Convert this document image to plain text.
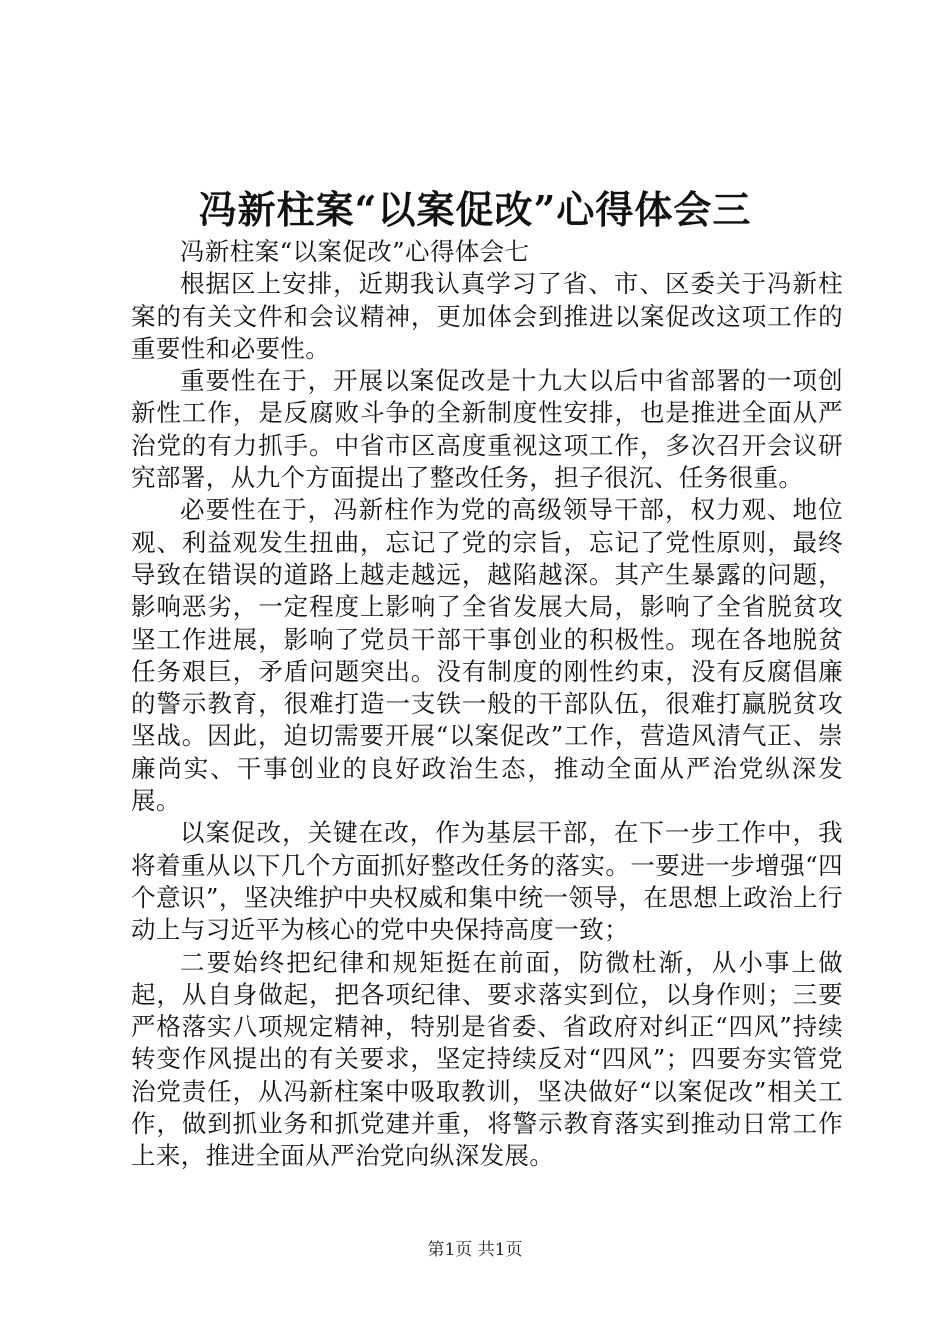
冯新柱案“以案促改”心得体会三

冯新柱案“以案促改”心得体会七

根据区上安排，近期我认真学习了省、市、区委关于冯新柱案的有关文件和会议精神，更加体会到推进以案促改这项工作的重要性和必要性。

重要性在于，开展以案促改是十九大以后中省部署的一项创新性工作，是反腐败斗争的全新制度性安排，也是推进全面从严治党的有力抓手。中省市区高度重视这项工作，多次召开会议研究部署，从九个方面提出了整改任务，担子很沉、任务很重。

必要性在于，冯新柱作为党的高级领导干部，权力观、地位观、利益观发生扭曲，忘记了党的宗旨，忘记了党性原则，最终导致在错误的道路上越走越远，越陷越深。其产生暴露的问题，影响恶劣，一定程度上影响了全省发展大局，影响了全省脱贫攻坚工作进展，影响了党员干部干事创业的积极性。现在各地脱贫任务艰巨，矛盾问题突出。没有制度的刚性约束，没有反腐倡廉的警示教育，很难打造一支铁一般的干部队伍，很难打赢脱贫攻坚战。因此，迫切需要开展“以案促改”工作，营造风清气正、崇廉尚实、干事创业的良好政治生态，推动全面从严治党纵深发展。

以案促改，关键在改，作为基层干部，在下一步工作中，我将着重从以下几个方面抓好整改任务的落实。一要进一步增强“四个意识”，坚决维护中央权威和集中统一领导，在思想上政治上行动上与习近平为核心的党中央保持高度一致；

二要始终把纪律和规矩挺在前面，防微杜渐，从小事上做起，从自身做起，把各项纪律、要求落实到位，以身作则；三要严格落实八项规定精神，特别是省委、省政府对纠正“四风”持续转变作风提出的有关要求，坚定持续反对“四风”；四要夯实管党治党责任，从冯新柱案中吸取教训，坚决做好“以案促改”相关工作，做到抓业务和抓党建并重，将警示教育落实到推动日常工作上来，推进全面从严治党向纵深发展。

第1页 共1页
